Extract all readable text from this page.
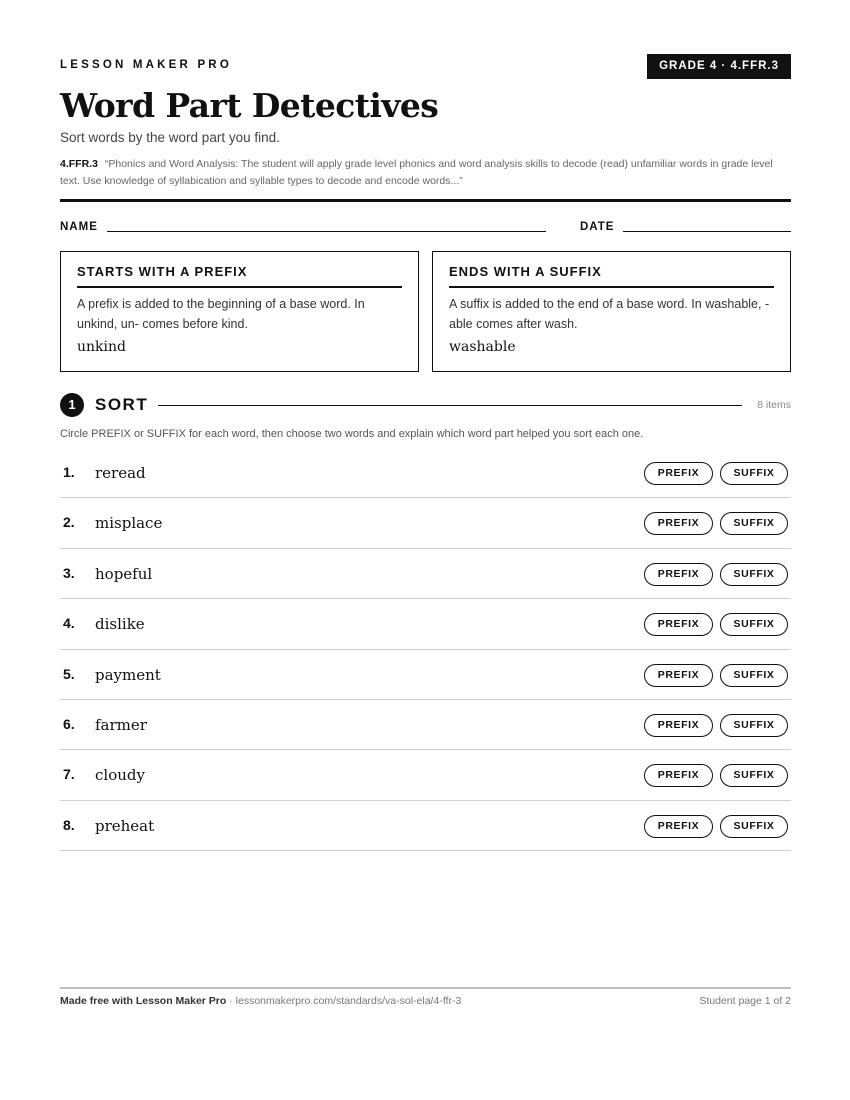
LESSON MAKER PRO	GRADE 4 · 4.FFR.3
Word Part Detectives
Sort words by the word part you find.
4.FFR.3 “Phonics and Word Analysis: The student will apply grade level phonics and word analysis skills to decode (read) unfamiliar words in grade level text. Use knowledge of syllabication and syllable types to decode and encode words...”
NAME	DATE
STARTS WITH A PREFIX
A prefix is added to the beginning of a base word. In unkind, un- comes before kind.
unkind
ENDS WITH A SUFFIX
A suffix is added to the end of a base word. In washable, -able comes after wash.
washable
1	SORT	8 items
Circle PREFIX or SUFFIX for each word, then choose two words and explain which word part helped you sort each one.
1. reread	PREFIX	SUFFIX
2. misplace	PREFIX	SUFFIX
3. hopeful	PREFIX	SUFFIX
4. dislike	PREFIX	SUFFIX
5. payment	PREFIX	SUFFIX
6. farmer	PREFIX	SUFFIX
7. cloudy	PREFIX	SUFFIX
8. preheat	PREFIX	SUFFIX
Made free with Lesson Maker Pro · lessonmakerpro.com/standards/va-sol-ela/4-ffr-3	Student page 1 of 2
